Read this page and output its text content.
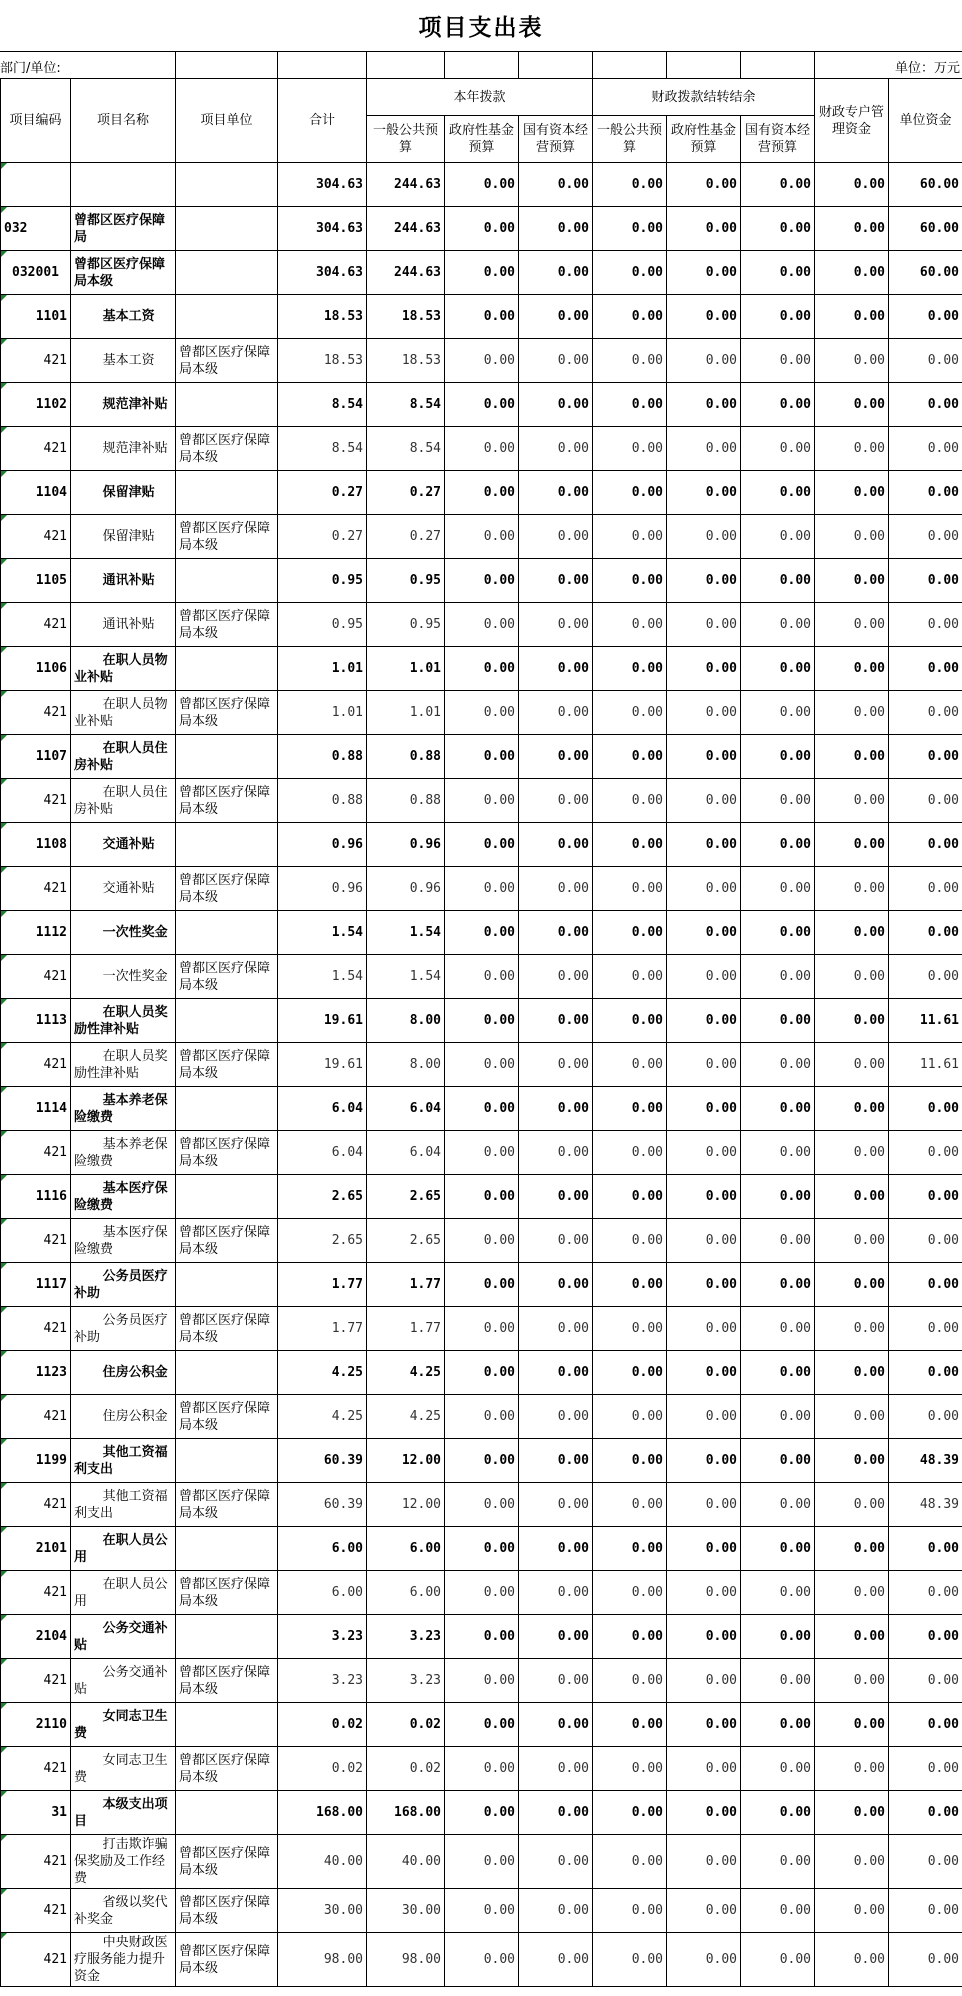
项目支出表
部门/单位:	单位：万元
项目编码	项目名称	项目单位	合计	本年拨款			财政拨款结转结余			财政专户管理资金	单位资金
				一般公共预算	政府性基金预算	国有资本经营预算	一般公共预算	政府性基金预算	国有资本经营预算		
			304.63	244.63	0.00	0.00	0.00	0.00	0.00	0.00	60.00
032	曾都区医疗保障局		304.63	244.63	0.00	0.00	0.00	0.00	0.00	0.00	60.00
032001	曾都区医疗保障局本级		304.63	244.63	0.00	0.00	0.00	0.00	0.00	0.00	60.00
1101	基本工资		18.53	18.53	0.00	0.00	0.00	0.00	0.00	0.00	0.00
421	基本工资	曾都区医疗保障局本级	18.53	18.53	0.00	0.00	0.00	0.00	0.00	0.00	0.00
1102	规范津补贴		8.54	8.54	0.00	0.00	0.00	0.00	0.00	0.00	0.00
421	规范津补贴	曾都区医疗保障局本级	8.54	8.54	0.00	0.00	0.00	0.00	0.00	0.00	0.00
1104	保留津贴		0.27	0.27	0.00	0.00	0.00	0.00	0.00	0.00	0.00
421	保留津贴	曾都区医疗保障局本级	0.27	0.27	0.00	0.00	0.00	0.00	0.00	0.00	0.00
1105	通讯补贴		0.95	0.95	0.00	0.00	0.00	0.00	0.00	0.00	0.00
421	通讯补贴	曾都区医疗保障局本级	0.95	0.95	0.00	0.00	0.00	0.00	0.00	0.00	0.00
1106	在职人员物业补贴		1.01	1.01	0.00	0.00	0.00	0.00	0.00	0.00	0.00
421	在职人员物业补贴	曾都区医疗保障局本级	1.01	1.01	0.00	0.00	0.00	0.00	0.00	0.00	0.00
1107	在职人员住房补贴		0.88	0.88	0.00	0.00	0.00	0.00	0.00	0.00	0.00
421	在职人员住房补贴	曾都区医疗保障局本级	0.88	0.88	0.00	0.00	0.00	0.00	0.00	0.00	0.00
1108	交通补贴		0.96	0.96	0.00	0.00	0.00	0.00	0.00	0.00	0.00
421	交通补贴	曾都区医疗保障局本级	0.96	0.96	0.00	0.00	0.00	0.00	0.00	0.00	0.00
1112	一次性奖金		1.54	1.54	0.00	0.00	0.00	0.00	0.00	0.00	0.00
421	一次性奖金	曾都区医疗保障局本级	1.54	1.54	0.00	0.00	0.00	0.00	0.00	0.00	0.00
1113	在职人员奖励性津补贴		19.61	8.00	0.00	0.00	0.00	0.00	0.00	0.00	11.61
421	在职人员奖励性津补贴	曾都区医疗保障局本级	19.61	8.00	0.00	0.00	0.00	0.00	0.00	0.00	11.61
1114	基本养老保险缴费		6.04	6.04	0.00	0.00	0.00	0.00	0.00	0.00	0.00
421	基本养老保险缴费	曾都区医疗保障局本级	6.04	6.04	0.00	0.00	0.00	0.00	0.00	0.00	0.00
1116	基本医疗保险缴费		2.65	2.65	0.00	0.00	0.00	0.00	0.00	0.00	0.00
421	基本医疗保险缴费	曾都区医疗保障局本级	2.65	2.65	0.00	0.00	0.00	0.00	0.00	0.00	0.00
1117	公务员医疗补助		1.77	1.77	0.00	0.00	0.00	0.00	0.00	0.00	0.00
421	公务员医疗补助	曾都区医疗保障局本级	1.77	1.77	0.00	0.00	0.00	0.00	0.00	0.00	0.00
1123	住房公积金		4.25	4.25	0.00	0.00	0.00	0.00	0.00	0.00	0.00
421	住房公积金	曾都区医疗保障局本级	4.25	4.25	0.00	0.00	0.00	0.00	0.00	0.00	0.00
1199	其他工资福利支出		60.39	12.00	0.00	0.00	0.00	0.00	0.00	0.00	48.39
421	其他工资福利支出	曾都区医疗保障局本级	60.39	12.00	0.00	0.00	0.00	0.00	0.00	0.00	48.39
2101	在职人员公用		6.00	6.00	0.00	0.00	0.00	0.00	0.00	0.00	0.00
421	在职人员公用	曾都区医疗保障局本级	6.00	6.00	0.00	0.00	0.00	0.00	0.00	0.00	0.00
2104	公务交通补贴		3.23	3.23	0.00	0.00	0.00	0.00	0.00	0.00	0.00
421	公务交通补贴	曾都区医疗保障局本级	3.23	3.23	0.00	0.00	0.00	0.00	0.00	0.00	0.00
2110	女同志卫生费		0.02	0.02	0.00	0.00	0.00	0.00	0.00	0.00	0.00
421	女同志卫生费	曾都区医疗保障局本级	0.02	0.02	0.00	0.00	0.00	0.00	0.00	0.00	0.00
31	本级支出项目		168.00	168.00	0.00	0.00	0.00	0.00	0.00	0.00	0.00
421	打击欺诈骗保奖励及工作经费	曾都区医疗保障局本级	40.00	40.00	0.00	0.00	0.00	0.00	0.00	0.00	0.00
421	省级以奖代补奖金	曾都区医疗保障局本级	30.00	30.00	0.00	0.00	0.00	0.00	0.00	0.00	0.00
421	中央财政医疗服务能力提升资金	曾都区医疗保障局本级	98.00	98.00	0.00	0.00	0.00	0.00	0.00	0.00	0.00
